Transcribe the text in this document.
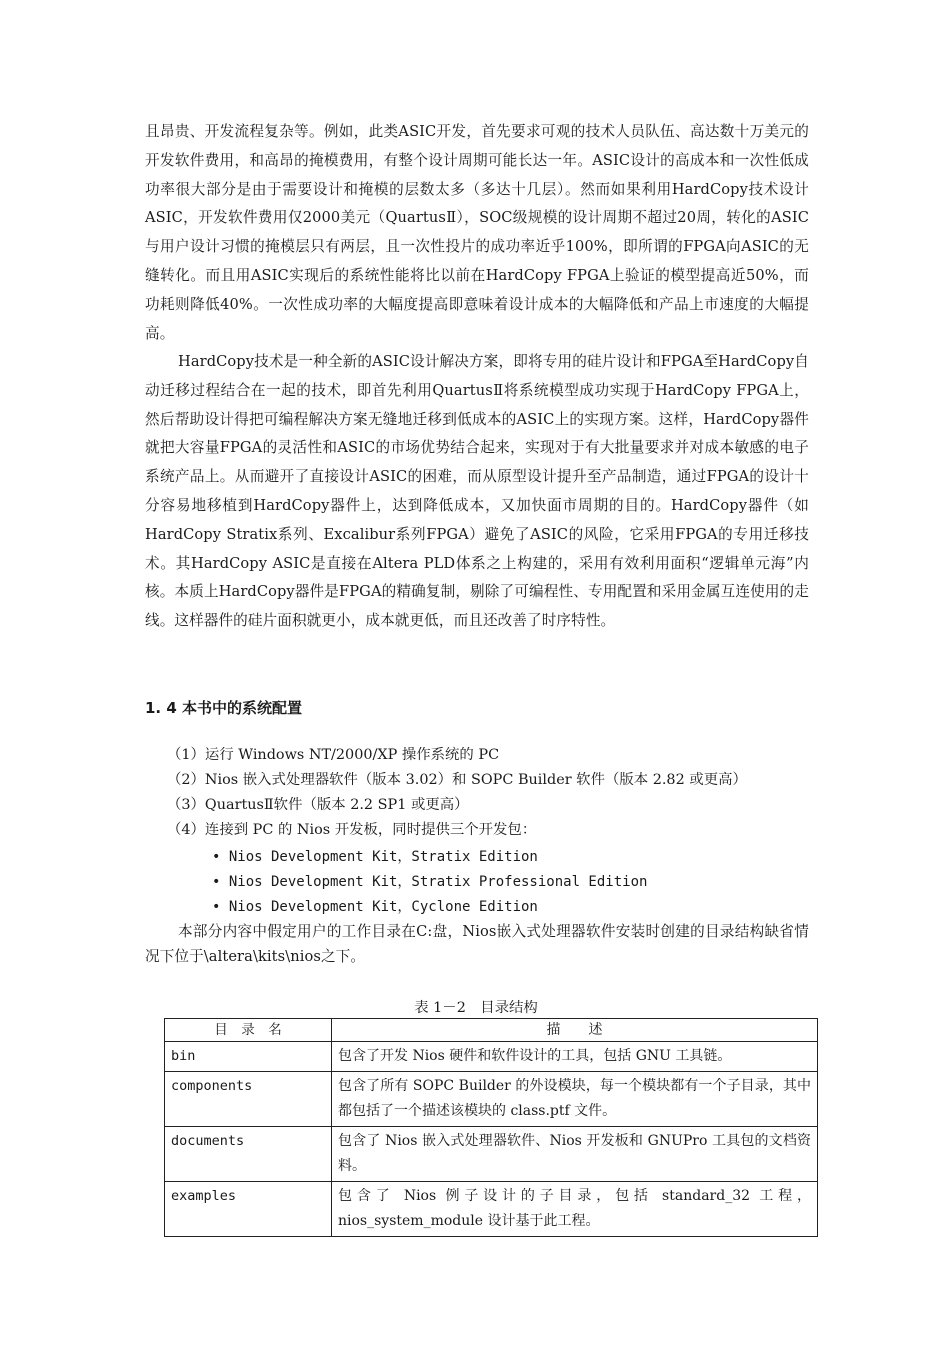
且昂贵、开发流程复杂等。例如，此类ASIC开发，首先要求可观的技术人员队伍、高达数十万美元的开发软件费用，和高昂的掩模费用，有整个设计周期可能长达一年。ASIC设计的高成本和一次性低成功率很大部分是由于需要设计和掩模的层数太多（多达十几层）。然而如果利用HardCopy技术设计ASIC，开发软件费用仅2000美元（QuartusⅡ），SOC级规模的设计周期不超过20周，转化的ASIC与用户设计习惯的掩模层只有两层，且一次性投片的成功率近乎100%，即所谓的FPGA向ASIC的无缝转化。而且用ASIC实现后的系统性能将比以前在HardCopy FPGA上验证的模型提高近50%，而功耗则降低40%。一次性成功率的大幅度提高即意味着设计成本的大幅降低和产品上市速度的大幅提高。

HardCopy技术是一种全新的ASIC设计解决方案，即将专用的硅片设计和FPGA至HardCopy自动迁移过程结合在一起的技术，即首先利用QuartusⅡ将系统模型成功实现于HardCopy FPGA上，然后帮助设计得把可编程解决方案无缝地迁移到低成本的ASIC上的实现方案。这样，HardCopy器件就把大容量FPGA的灵活性和ASIC的市场优势结合起来，实现对于有大批量要求并对成本敏感的电子系统产品上。从而避开了直接设计ASIC的困难，而从原型设计提升至产品制造，通过FPGA的设计十分容易地移植到HardCopy器件上，达到降低成本，又加快面市周期的目的。HardCopy器件（如HardCopy Stratix系列、Excalibur系列FPGA）避免了ASIC的风险，它采用FPGA的专用迁移技术。其HardCopy ASIC是直接在Altera PLD体系之上构建的，采用有效利用面积“逻辑单元海”内核。本质上HardCopy器件是FPGA的精确复制，剔除了可编程性、专用配置和采用金属互连使用的走线。这样器件的硅片面积就更小，成本就更低，而且还改善了时序特性。

1. 4 本书中的系统配置
（1）运行 Windows NT/2000/XP 操作系统的 PC
（2）Nios 嵌入式处理器软件（版本 3.02）和 SOPC Builder 软件（版本 2.82 或更高）
（3）QuartusⅡ软件（版本 2.2 SP1 或更高）
（4）连接到 PC 的 Nios 开发板，同时提供三个开发包：
• Nios Development Kit，Stratix Edition
• Nios Development Kit，Stratix Professional Edition
• Nios Development Kit，Cyclone Edition

本部分内容中假定用户的工作目录在C:盘，Nios嵌入式处理器软件安装时创建的目录结构缺省情况下位于\altera\kits\nios之下。

表 1－2　目录结构

目　录　名	描　　述
bin	包含了开发 Nios 硬件和软件设计的工具，包括 GNU 工具链。
components	包含了所有 SOPC Builder 的外设模块，每一个模块都有一个子目录，其中都包括了一个描述该模块的 class.ptf 文件。
documents	包含了 Nios 嵌入式处理器软件、Nios 开发板和 GNUPro 工具包的文档资料。
examples	包含了 Nios 例子设计的子目录，包括 standard_32 工程，nios_system_module 设计基于此工程。
